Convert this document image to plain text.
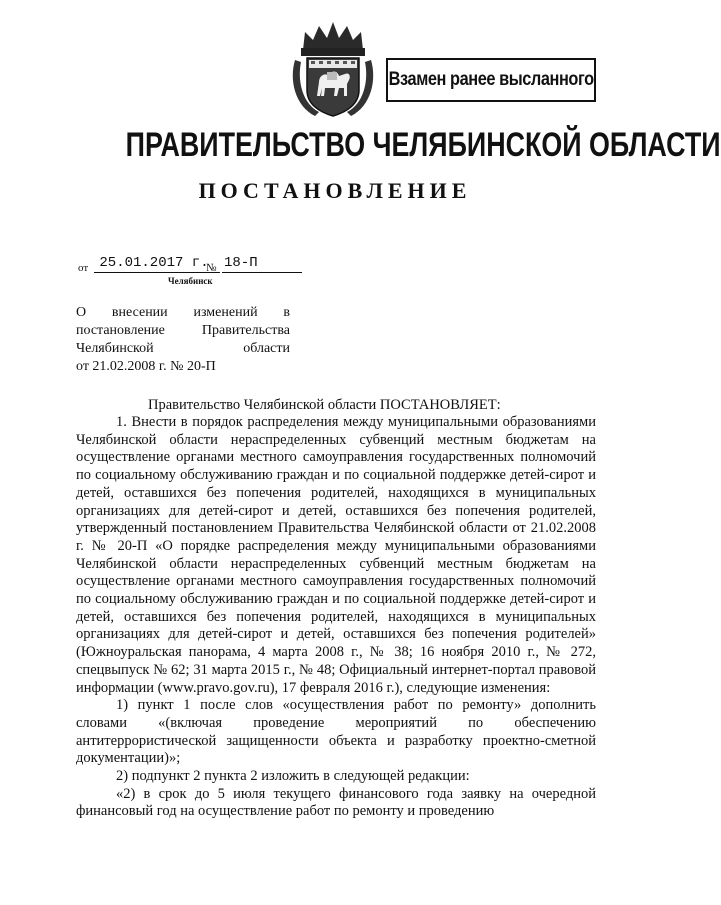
Взамен ранее высланного
ПРАВИТЕЛЬСТВО ЧЕЛЯБИНСКОЙ ОБЛАСТИ
ПОСТАНОВЛЕНИЕ
от 25.01.2017 г.
№ 18-П
Челябинск
О внесении изменений в
постановление Правительства
Челябинской области
от 21.02.2008 г. № 20-П
Правительство Челябинской области ПОСТАНОВЛЯЕТ:

1. Внести в порядок распределения между муниципальными образованиями Челябинской области нераспределенных субвенций местным бюджетам на осуществление органами местного самоуправления государственных полномочий по социальному обслуживанию граждан и по социальной поддержке детей-сирот и детей, оставшихся без попечения родителей, находящихся в муниципальных организациях для детей-сирот и детей, оставшихся без попечения родителей, утвержденный постановлением Правительства Челябинской области от 21.02.2008 г. № 20-П «О порядке распределения между муниципальными образованиями Челябинской области нераспределенных субвенций местным бюджетам на осуществление органами местного самоуправления государственных полномочий по социальному обслуживанию граждан и по социальной поддержке детей-сирот и детей, оставшихся без попечения родителей, находящихся в муниципальных организациях для детей-сирот и детей, оставшихся без попечения родителей» (Южноуральская панорама, 4 марта 2008 г., № 38; 16 ноября 2010 г., № 272, спецвыпуск № 62; 31 марта 2015 г., № 48; Официальный интернет-портал правовой информации (www.pravo.gov.ru), 17 февраля 2016 г.), следующие изменения:

1) пункт 1 после слов «осуществления работ по ремонту» дополнить словами «(включая проведение мероприятий по обеспечению антитеррористической защищенности объекта и разработку проектно-сметной документации)»;

2) подпункт 2 пункта 2 изложить в следующей редакции:

«2) в срок до 5 июля текущего финансового года заявку на очередной финансовый год на осуществление работ по ремонту и проведению
